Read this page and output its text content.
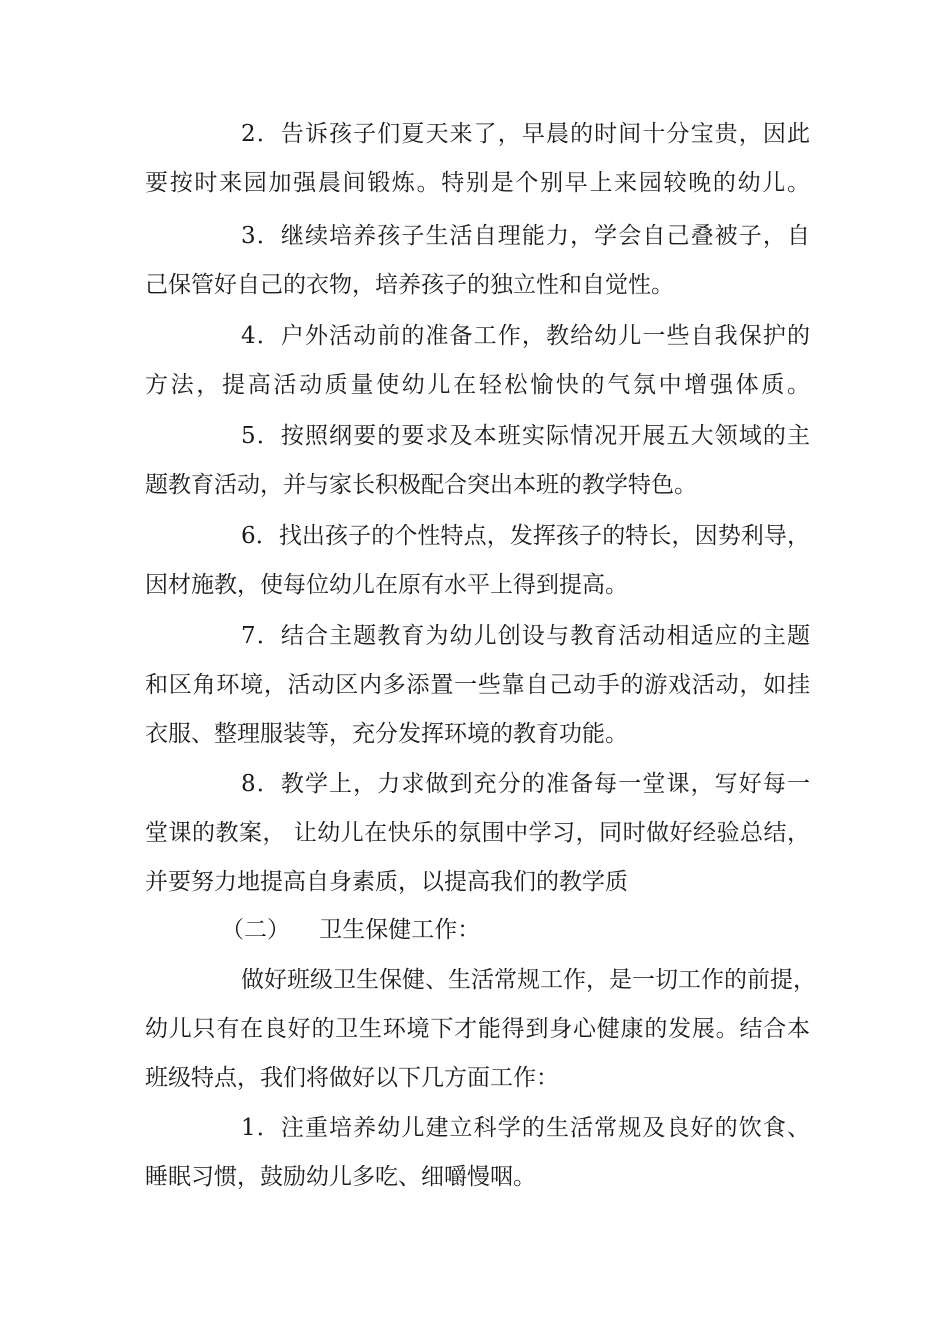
2．告诉孩子们夏天来了，早晨的时间十分宝贵，因此
要按时来园加强晨间锻炼。特别是个别早上来园较晚的幼儿。
3．继续培养孩子生活自理能力，学会自己叠被子，自
己保管好自己的衣物，培养孩子的独立性和自觉性。
4．户外活动前的准备工作，教给幼儿一些自我保护的
方法，提高活动质量使幼儿在轻松愉快的气氛中增强体质。
5．按照纲要的要求及本班实际情况开展五大领域的主
题教育活动，并与家长积极配合突出本班的教学特色。
6．找出孩子的个性特点，发挥孩子的特长，因势利导，
因材施教，使每位幼儿在原有水平上得到提高。
7．结合主题教育为幼儿创设与教育活动相适应的主题
和区角环境，活动区内多添置一些靠自己动手的游戏活动，如挂
衣服、整理服装等，充分发挥环境的教育功能。
8．教学上，力求做到充分的准备每一堂课，写好每一
堂课的教案， 让幼儿在快乐的氛围中学习，同时做好经验总结，
并要努力地提高自身素质，以提高我们的教学质
（二）    卫生保健工作：
做好班级卫生保健、生活常规工作，是一切工作的前提，
幼儿只有在良好的卫生环境下才能得到身心健康的发展。结合本
班级特点，我们将做好以下几方面工作：
1．注重培养幼儿建立科学的生活常规及良好的饮食、
睡眠习惯，鼓励幼儿多吃、细嚼慢咽。
